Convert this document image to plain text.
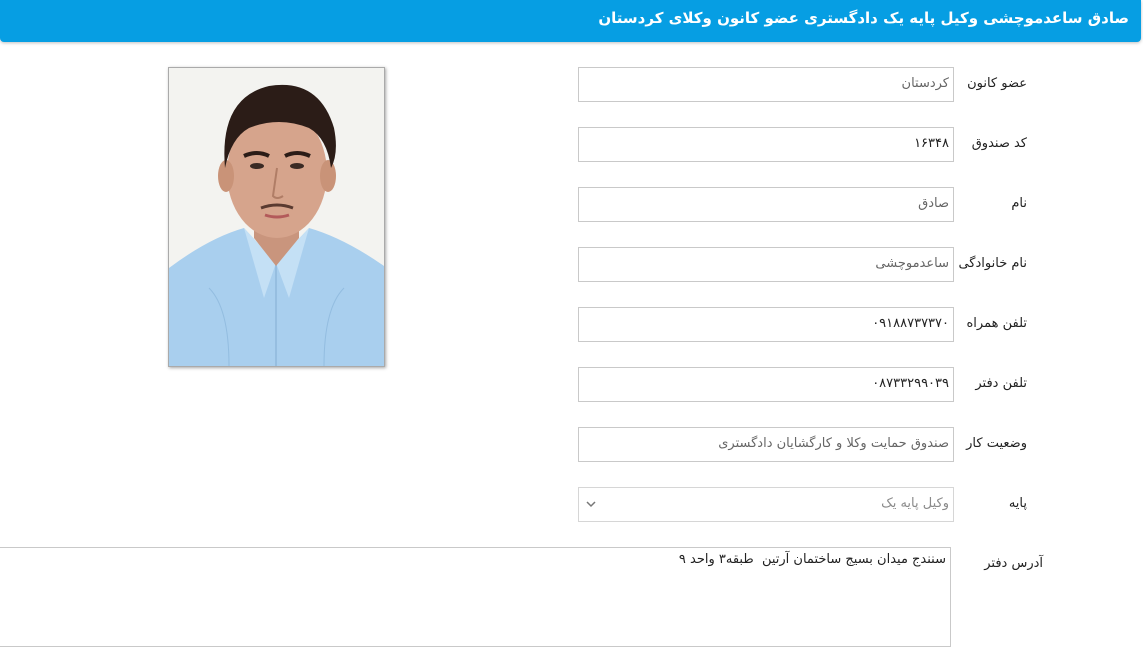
صادق ساعدموچشی وکیل پایه یک دادگستری عضو کانون وکلای کردستان
عضو کانون
کردستان
کد صندوق
۱۶۳۴۸
نام
صادق
نام خانوادگی
ساعدموچشی
تلفن همراه
۰۹۱۸۸۷۳۷۳۷۰
تلفن دفتر
۰۸۷۳۳۲۹۹۰۳۹
وضعیت کار
صندوق حمایت وکلا و کارگشایان دادگستری
پایه
وکیل پایه یک
آدرس دفتر
سنندج میدان بسیج ساختمان آرتین  طبقه۳ واحد ۹
